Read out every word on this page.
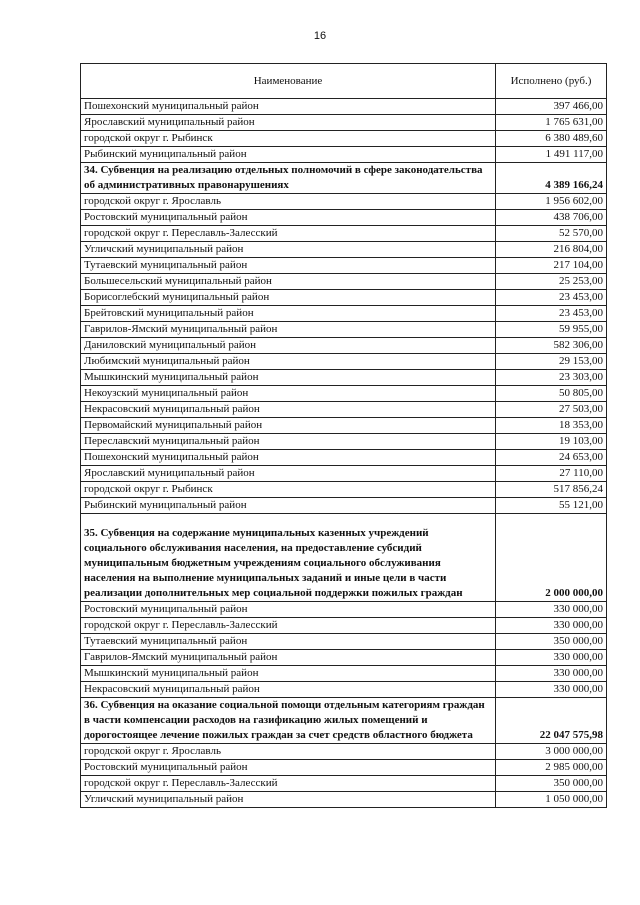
16
Наименование	Исполнено (руб.)
Пошехонский муниципальный район	397 466,00
Ярославский муниципальный район	1 765 631,00
городской округ г. Рыбинск	6 380 489,60
Рыбинский муниципальный район	1 491 117,00
34. Субвенция на реализацию отдельных полномочий в сфере законодательства об административных правонарушениях	4 389 166,24
городской округ г. Ярославль	1 956 602,00
Ростовский муниципальный район	438 706,00
городской округ г. Переславль-Залесский	52 570,00
Угличский муниципальный район	216 804,00
Тутаевский муниципальный район	217 104,00
Большесельский муниципальный район	25 253,00
Борисоглебский муниципальный район	23 453,00
Брейтовский муниципальный район	23 453,00
Гаврилов-Ямский муниципальный район	59 955,00
Даниловский муниципальный район	582 306,00
Любимский муниципальный район	29 153,00
Мышкинский муниципальный район	23 303,00
Некоузский муниципальный район	50 805,00
Некрасовский муниципальный район	27 503,00
Первомайский муниципальный район	18 353,00
Переславский муниципальный район	19 103,00
Пошехонский муниципальный район	24 653,00
Ярославский муниципальный район	27 110,00
городской округ г. Рыбинск	517 856,24
Рыбинский муниципальный район	55 121,00
35. Субвенция на содержание муниципальных казенных учреждений социального обслуживания населения, на предоставление субсидий муниципальным бюджетным учреждениям социального обслуживания населения на выполнение муниципальных заданий и иные цели в части реализации дополнительных мер социальной поддержки пожилых граждан	2 000 000,00
Ростовский муниципальный район	330 000,00
городской округ г. Переславль-Залесский	330 000,00
Тутаевский муниципальный район	350 000,00
Гаврилов-Ямский муниципальный район	330 000,00
Мышкинский муниципальный район	330 000,00
Некрасовский муниципальный район	330 000,00
36. Субвенция на оказание социальной помощи отдельным категориям граждан в части компенсации расходов на газификацию жилых помещений и дорогостоящее лечение пожилых граждан за счет средств областного бюджета	22 047 575,98
городской округ г. Ярославль	3 000 000,00
Ростовский муниципальный район	2 985 000,00
городской округ г. Переславль-Залесский	350 000,00
Угличский муниципальный район	1 050 000,00
